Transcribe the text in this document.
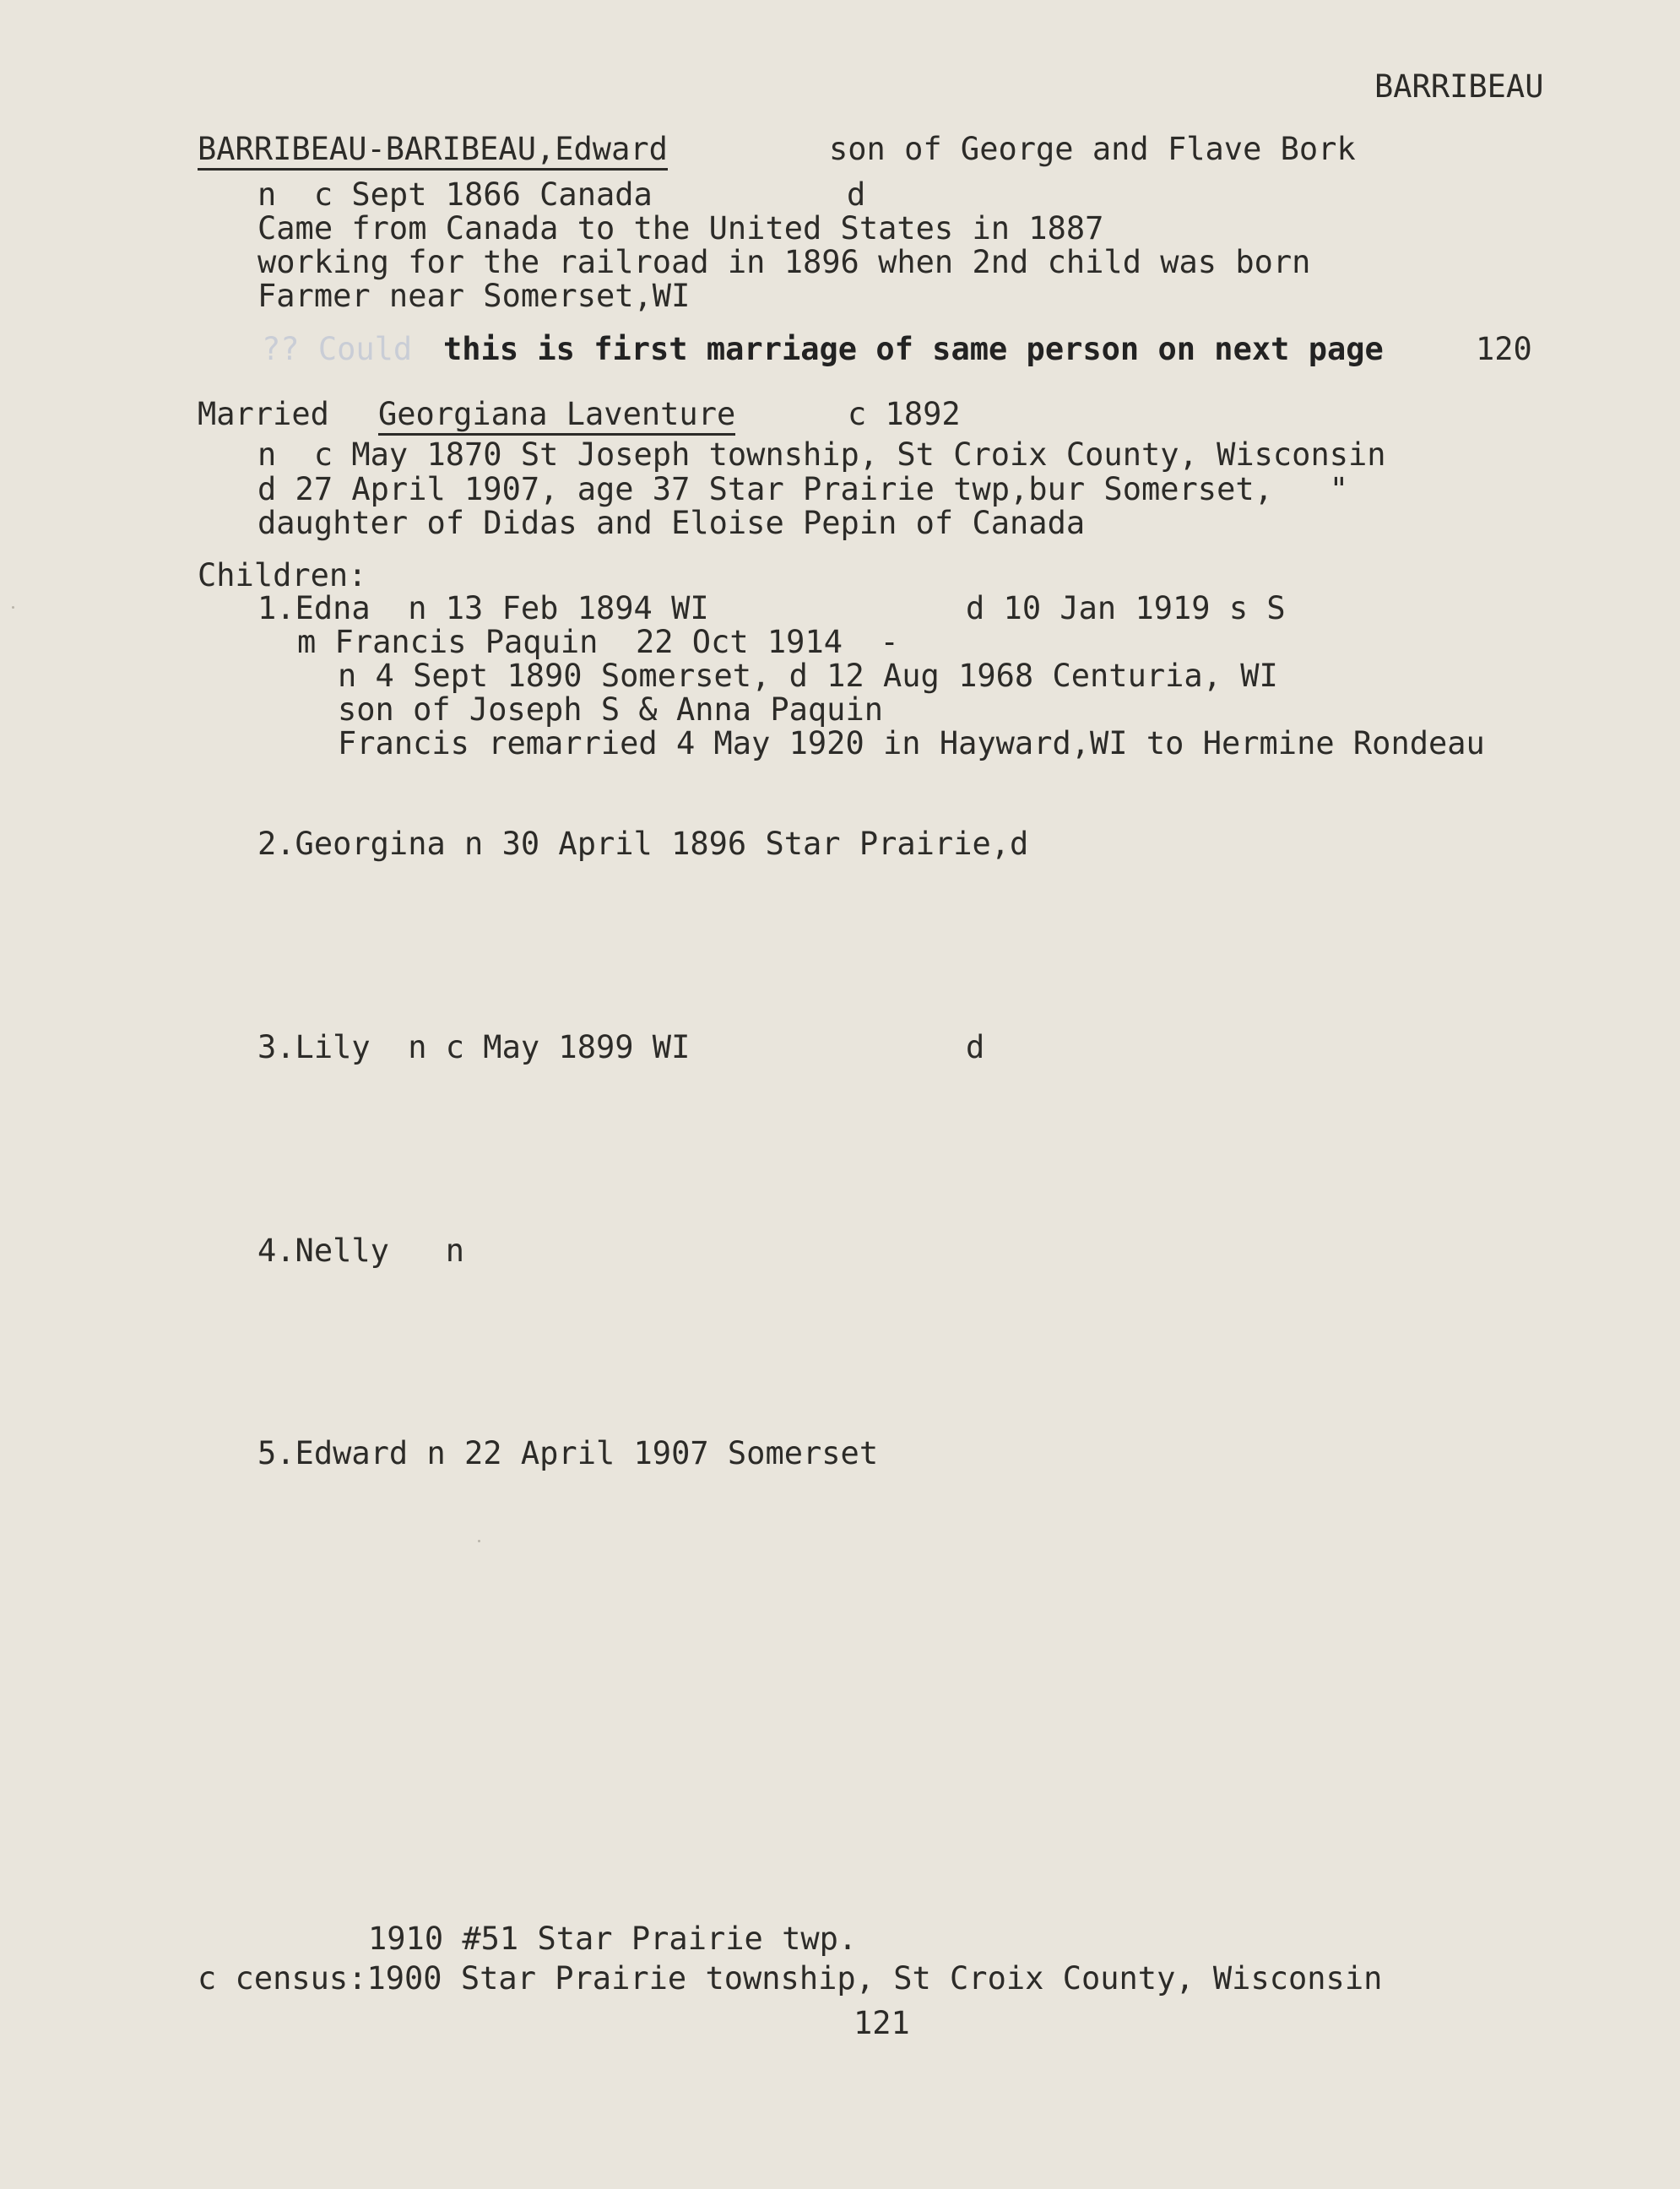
BARRIBEAU
BARRIBEAU-BARIBEAU,Edward	son of George and Flave Bork
n  c Sept 1866 Canada	d
Came from Canada to the United States in 1887
working for the railroad in 1896 when 2nd child was born
Farmer near Somerset,WI
?? Could this is first marriage of same person on next page	120
Married Georgiana Laventure	c 1892
n  c May 1870 St Joseph township, St Croix County, Wisconsin
d 27 April 1907, age 37 Star Prairie twp,bur Somerset,   "
daughter of Didas and Eloise Pepin of Canada
Children:
1.Edna  n 13 Feb 1894 WI	d 10 Jan 1919 s S
m Francis Paquin  22 Oct 1914  -
n 4 Sept 1890 Somerset, d 12 Aug 1968 Centuria, WI
son of Joseph S & Anna Paquin
Francis remarried 4 May 1920 in Hayward,WI to Hermine Rondeau
2.Georgina n 30 April 1896 Star Prairie,d
3.Lily  n c May 1899 WI	d
4.Nelly   n
5.Edward n 22 April 1907 Somerset
1910 #51 Star Prairie twp.
c census:1900 Star Prairie township, St Croix County, Wisconsin
121
